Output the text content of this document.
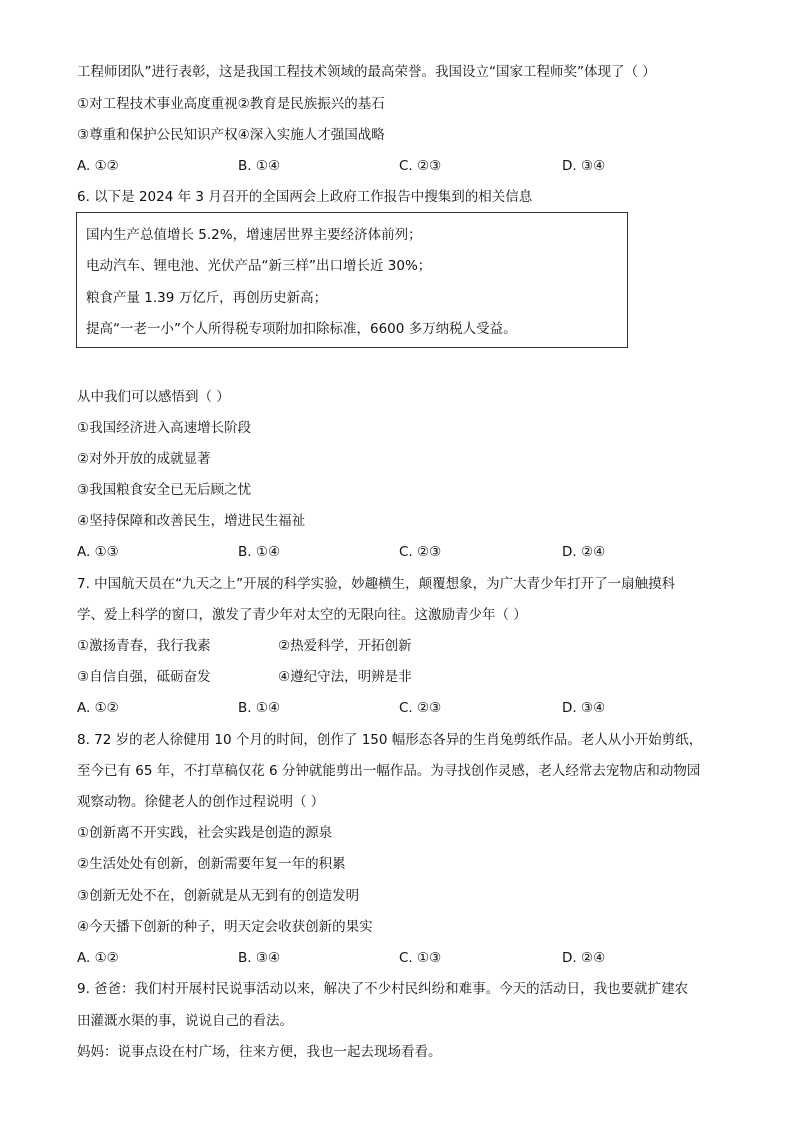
工程师团队”进行表彰，这是我国工程技术领域的最高荣誉。我国设立“国家工程师奖”体现了（ ）
①对工程技术事业高度重视②教育是民族振兴的基石
③尊重和保护公民知识产权④深入实施人才强国战略
A. ①②	B. ①④	C. ②③	D. ③④
6. 以下是 2024 年 3 月召开的全国两会上政府工作报告中搜集到的相关信息
国内生产总值增长 5.2%，增速居世界主要经济体前列；
电动汽车、锂电池、光伏产品“新三样”出口增长近 30%；
粮食产量 1.39 万亿斤，再创历史新高；
提高“一老一小”个人所得税专项附加扣除标准，6600 多万纳税人受益。
从中我们可以感悟到（ ）
①我国经济进入高速增长阶段
②对外开放的成就显著
③我国粮食安全已无后顾之忧
④坚持保障和改善民生，增进民生福祉
A. ①③	B. ①④	C. ②③	D. ②④
7. 中国航天员在“九天之上”开展的科学实验，妙趣横生，颠覆想象，为广大青少年打开了一扇触摸科
学、爱上科学的窗口，激发了青少年对太空的无限向往。这激励青少年（ ）
①激扬青春，我行我素	②热爱科学，开拓创新
③自信自强，砥砺奋发	④遵纪守法，明辨是非
A. ①②	B. ①④	C. ②③	D. ③④
8. 72 岁的老人徐健用 10 个月的时间，创作了 150 幅形态各异的生肖兔剪纸作品。老人从小开始剪纸，
至今已有 65 年，不打草稿仅花 6 分钟就能剪出一幅作品。为寻找创作灵感，老人经常去宠物店和动物园
观察动物。徐健老人的创作过程说明（ ）
①创新离不开实践，社会实践是创造的源泉
②生活处处有创新，创新需要年复一年的积累
③创新无处不在，创新就是从无到有的创造发明
④今天播下创新的种子，明天定会收获创新的果实
A. ①②	B. ③④	C. ①③	D. ②④
9. 爸爸：我们村开展村民说事活动以来，解决了不少村民纠纷和难事。今天的活动日，我也要就扩建农
田灌溉水渠的事，说说自己的看法。
妈妈：说事点设在村广场，往来方便，我也一起去现场看看。
